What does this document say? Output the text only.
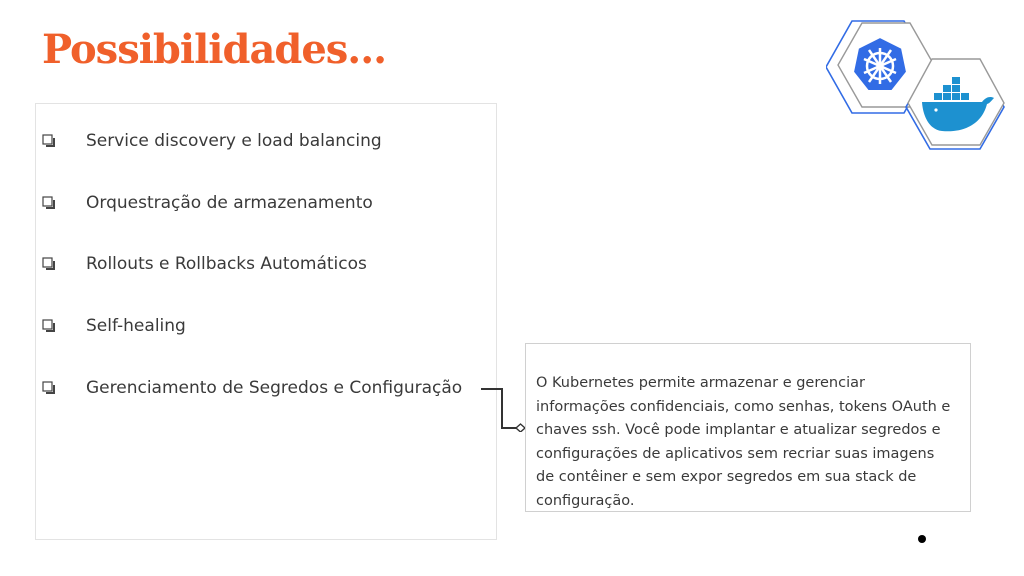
Possibilidades...
Service discovery e load balancing
Orquestração de armazenamento
Rollouts e Rollbacks Automáticos
Self-healing
Gerenciamento de Segredos e Configuração	O Kubernetes permite armazenar e gerenciar
informações confidenciais, como senhas, tokens OAuth e
chaves ssh. Você pode implantar e atualizar segredos e
configurações de aplicativos sem recriar suas imagens
de contêiner e sem expor segredos em sua stack de
configuração.
